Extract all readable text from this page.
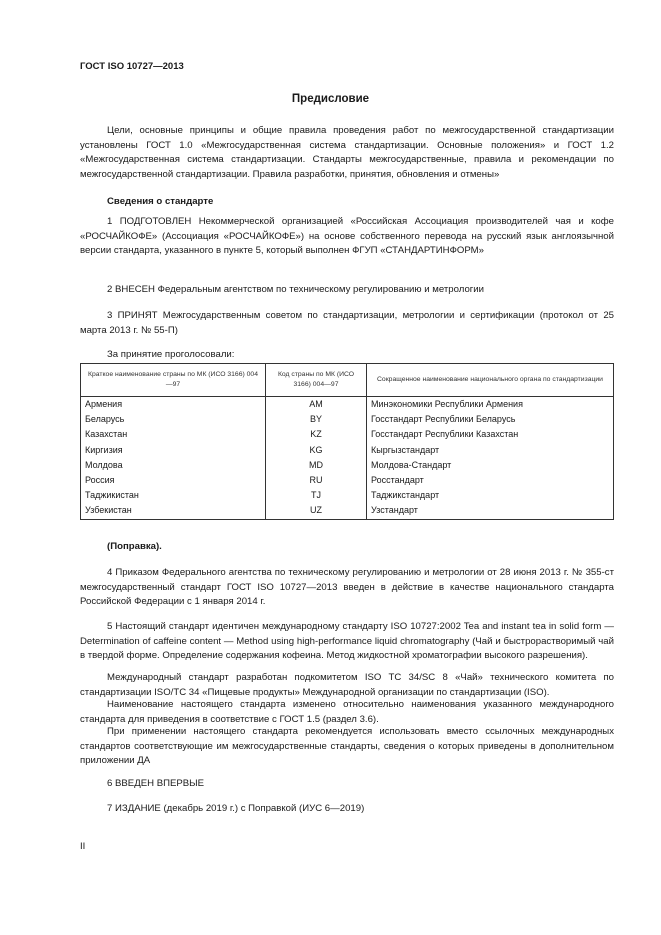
ГОСТ ISO 10727—2013
Предисловие

Цели, основные принципы и общие правила проведения работ по межгосударственной стандартизации установлены ГОСТ 1.0 «Межгосударственная система стандартизации. Основные положения» и ГОСТ 1.2 «Межгосударственная система стандартизации. Стандарты межгосударственные, правила и рекомендации по межгосударственной стандартизации. Правила разработки, принятия, обновления и отмены»

Сведения о стандарте

1 ПОДГОТОВЛЕН Некоммерческой организацией «Российская Ассоциация производителей чая и кофе «РОСЧАЙКОФЕ» (Ассоциация «РОСЧАЙКОФЕ») на основе собственного перевода на русский язык англоязычной версии стандарта, указанного в пункте 5, который выполнен ФГУП «СТАНДАРТИНФОРМ»

2 ВНЕСЕН Федеральным агентством по техническому регулированию и метрологии

3 ПРИНЯТ Межгосударственным советом по стандартизации, метрологии и сертификации (протокол от 25 марта 2013 г. № 55-П)

За принятие проголосовали:

Краткое наименование страны по МК (ИСО 3166) 004—97	Код страны по МК (ИСО 3166) 004—97	Сокращенное наименование национального органа по стандартизации
Армения	AM	Минэкономики Республики Армения
Беларусь	BY	Госстандарт Республики Беларусь
Казахстан	KZ	Госстандарт Республики Казахстан
Киргизия	KG	Кыргызстандарт
Молдова	MD	Молдова-Стандарт
Россия	RU	Росстандарт
Таджикистан	TJ	Таджикстандарт
Узбекистан	UZ	Узстандарт
(Поправка).

4 Приказом Федерального агентства по техническому регулированию и метрологии от 28 июня 2013 г. № 355-ст межгосударственный стандарт ГОСТ ISO 10727—2013 введен в действие в качестве национального стандарта Российской Федерации с 1 января 2014 г.

5 Настоящий стандарт идентичен международному стандарту ISO 10727:2002 Tea and instant tea in solid form — Determination of caffeine content — Method using high-performance liquid chromatography (Чай и быстрорастворимый чай в твердой форме. Определение содержания кофеина. Метод жидкостной хроматографии высокого разрешения).

Международный стандарт разработан подкомитетом ISO TC 34/SC 8 «Чай» технического комитета по стандартизации ISO/TC 34 «Пищевые продукты» Международной организации по стандартизации (ISO).

Наименование настоящего стандарта изменено относительно наименования указанного международного стандарта для приведения в соответствие с ГОСТ 1.5 (раздел 3.6).

При применении настоящего стандарта рекомендуется использовать вместо ссылочных международных стандартов соответствующие им межгосударственные стандарты, сведения о которых приведены в дополнительном приложении ДА

6 ВВЕДЕН ВПЕРВЫЕ

7 ИЗДАНИЕ (декабрь 2019 г.) с Поправкой (ИУС 6—2019)

II
